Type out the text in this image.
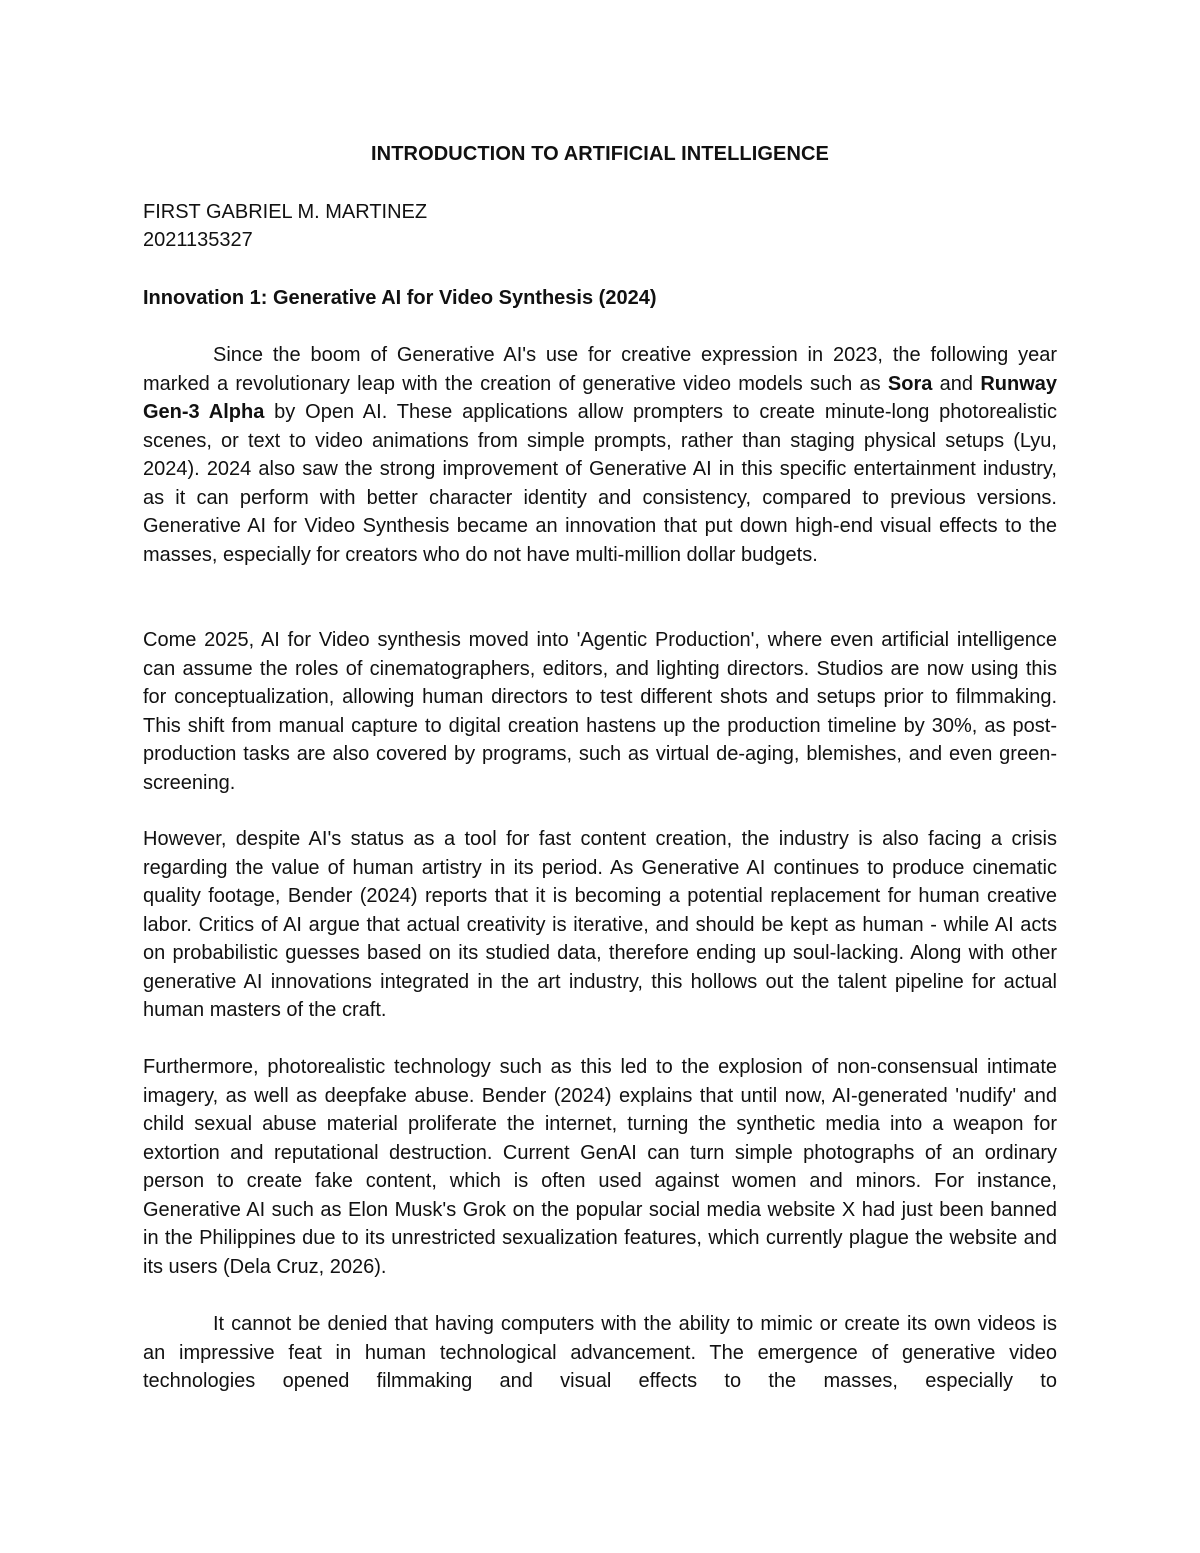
INTRODUCTION TO ARTIFICIAL INTELLIGENCE
FIRST GABRIEL M. MARTINEZ
2021135327
Innovation 1: Generative AI for Video Synthesis (2024)

Since the boom of Generative AI's use for creative expression in 2023, the following year marked a revolutionary leap with the creation of generative video models such as Sora and Runway Gen-3 Alpha by Open AI. These applications allow prompters to create minute-long photorealistic scenes, or text to video animations from simple prompts, rather than staging physical setups (Lyu, 2024). 2024 also saw the strong improvement of Generative AI in this specific entertainment industry, as it can perform with better character identity and consistency, compared to previous versions. Generative AI for Video Synthesis became an innovation that put down high-end visual effects to the masses, especially for creators who do not have multi-million dollar budgets.

Come 2025, AI for Video synthesis moved into 'Agentic Production', where even artificial intelligence can assume the roles of cinematographers, editors, and lighting directors. Studios are now using this for conceptualization, allowing human directors to test different shots and setups prior to filmmaking. This shift from manual capture to digital creation hastens up the production timeline by 30%, as post-production tasks are also covered by programs, such as virtual de-aging, blemishes, and even green-screening.

However, despite AI's status as a tool for fast content creation, the industry is also facing a crisis regarding the value of human artistry in its period. As Generative AI continues to produce cinematic quality footage, Bender (2024) reports that it is becoming a potential replacement for human creative labor. Critics of AI argue that actual creativity is iterative, and should be kept as human - while AI acts on probabilistic guesses based on its studied data, therefore ending up soul-lacking. Along with other generative AI innovations integrated in the art industry, this hollows out the talent pipeline for actual human masters of the craft.

Furthermore, photorealistic technology such as this led to the explosion of non-consensual intimate imagery, as well as deepfake abuse. Bender (2024) explains that until now, AI-generated 'nudify' and child sexual abuse material proliferate the internet, turning the synthetic media into a weapon for extortion and reputational destruction. Current GenAI can turn simple photographs of an ordinary person to create fake content, which is often used against women and minors. For instance, Generative AI such as Elon Musk's Grok on the popular social media website X had just been banned in the Philippines due to its unrestricted sexualization features, which currently plague the website and its users (Dela Cruz, 2026).

It cannot be denied that having computers with the ability to mimic or create its own videos is an impressive feat in human technological advancement. The emergence of generative video technologies opened filmmaking and visual effects to the masses, especially to
